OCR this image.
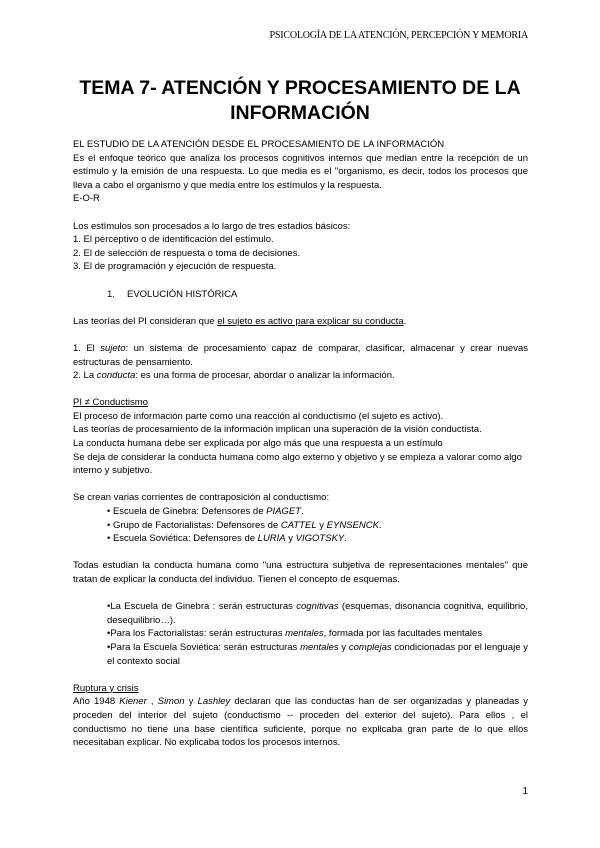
PSICOLOGÍA DE LA ATENCIÓN, PERCEPCIÓN Y MEMORIA
TEMA 7- ATENCIÓN Y PROCESAMIENTO DE LA
INFORMACIÓN

EL ESTUDIO DE LA ATENCIÓN DESDE EL PROCESAMIENTO DE LA INFORMACIÓN

Es el enfoque teórico que analiza los procesos cognitivos internos que median entre la recepción de un estímulo y la emisión de una respuesta. Lo que media es el "organismo, es decir, todos los procesos que lleva a cabo el organismo y que media entre los estímulos y la respuesta.

E-O-R

Los estímulos son procesados a lo largo de tres estadios básicos:

1. El perceptivo o de identificación del estímulo.

2. El de selección de respuesta o toma de decisiones.

3. El de programación y ejecución de respuesta.

1. EVOLUCIÓN HISTÓRICA

Las teorías del PI consideran que el sujeto es activo para explicar su conducta.

1. El sujeto: un sistema de procesamiento capaz de comparar, clasificar, almacenar y crear nuevas estructuras de pensamiento.

2. La conducta: es una forma de procesar, abordar o analizar la información.

PI ≠ Conductismo

El proceso de información parte como una reacción al conductismo (el sujeto es activo).

Las teorías de procesamiento de la información implican una superación de la visión conductista.

La conducta humana debe ser explicada por algo más que una respuesta a un estímulo

Se deja de considerar la conducta humana como algo externo y objetivo y se empieza a valorar como algo interno y subjetivo.

Se crean varias corrientes de contraposición al conductismo:

• Escuela de Ginebra: Defensores de PIAGET.

• Grupo de Factorialistas: Defensores de CATTEL y EYNSENCK.

• Escuela Soviética: Defensores de LURIA y VIGOTSKY.

Todas estudian la conducta humana como "una estructura subjetiva de representaciones mentales" que tratan de explicar la conducta del individuo. Tienen el concepto de esquemas.

•La Escuela de Ginebra : serán estructuras cognitivas (esquemas, disonancia cognitiva, equilibrio, desequilibrio…).

•Para los Factorialistas: serán estructuras mentales, formada por las facultades mentales

•Para la Escuela Soviética: serán estructuras mentales y complejas condicionadas por el lenguaje y el contexto social

Ruptura y crisis

Año 1948 Kiener , Simon y Lashley declaran que las conductas han de ser organizadas y planeadas y proceden del interior del sujeto (conductismo -- proceden del exterior del sujeto). Para ellos , el conductismo no tiene una base científica suficiente, porque no explicaba gran parte de lo que ellos necesitaban explicar. No explicaba todos los procesos internos.

1
